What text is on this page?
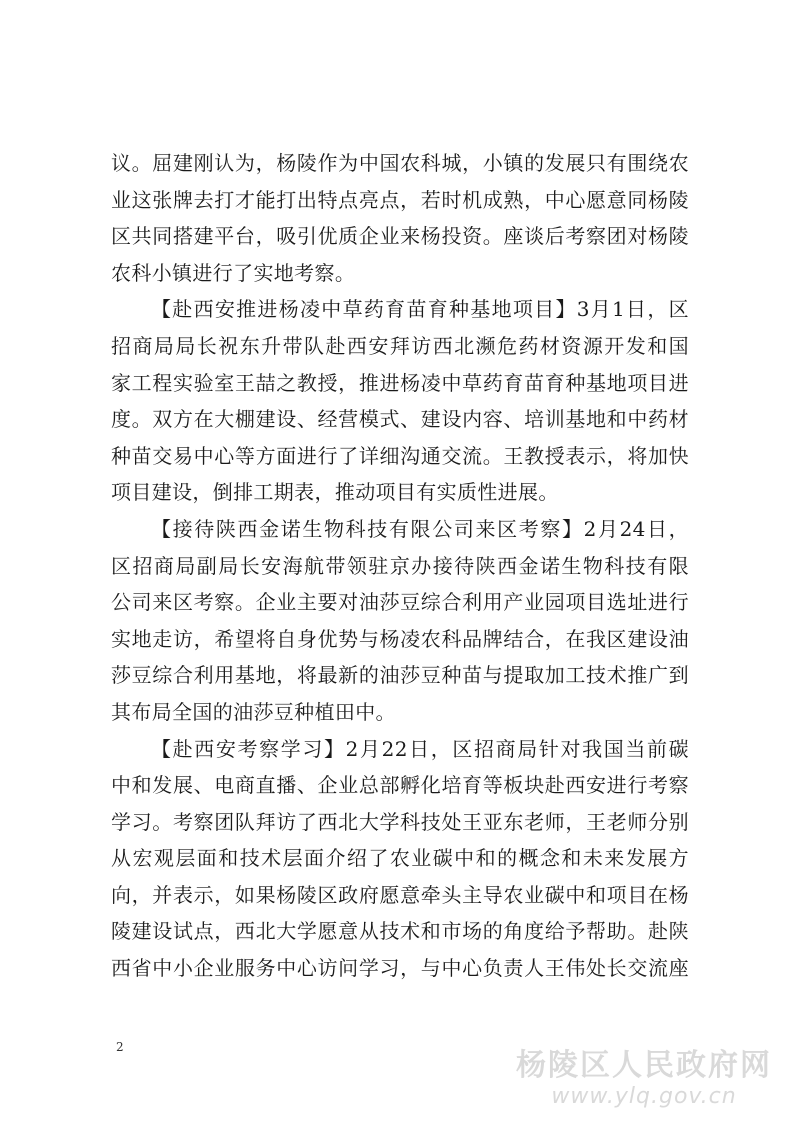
议。屈建刚认为，杨陵作为中国农科城，小镇的发展只有围绕农
业这张牌去打才能打出特点亮点，若时机成熟，中心愿意同杨陵
区共同搭建平台，吸引优质企业来杨投资。座谈后考察团对杨陵
农科小镇进行了实地考察。
【赴西安推进杨凌中草药育苗育种基地项目】3月1日，区
招商局局长祝东升带队赴西安拜访西北濒危药材资源开发和国
家工程实验室王喆之教授，推进杨凌中草药育苗育种基地项目进
度。双方在大棚建设、经营模式、建设内容、培训基地和中药材
种苗交易中心等方面进行了详细沟通交流。王教授表示，将加快
项目建设，倒排工期表，推动项目有实质性进展。
【接待陕西金诺生物科技有限公司来区考察】2月24日，
区招商局副局长安海航带领驻京办接待陕西金诺生物科技有限
公司来区考察。企业主要对油莎豆综合利用产业园项目选址进行
实地走访，希望将自身优势与杨凌农科品牌结合，在我区建设油
莎豆综合利用基地，将最新的油莎豆种苗与提取加工技术推广到
其布局全国的油莎豆种植田中。
【赴西安考察学习】2月22日，区招商局针对我国当前碳
中和发展、电商直播、企业总部孵化培育等板块赴西安进行考察
学习。考察团队拜访了西北大学科技处王亚东老师，王老师分别
从宏观层面和技术层面介绍了农业碳中和的概念和未来发展方
向，并表示，如果杨陵区政府愿意牵头主导农业碳中和项目在杨
陵建设试点，西北大学愿意从技术和市场的角度给予帮助。赴陕
西省中小企业服务中心访问学习，与中心负责人王伟处长交流座
2
杨陵区人民政府网
www.ylq.gov.cn
